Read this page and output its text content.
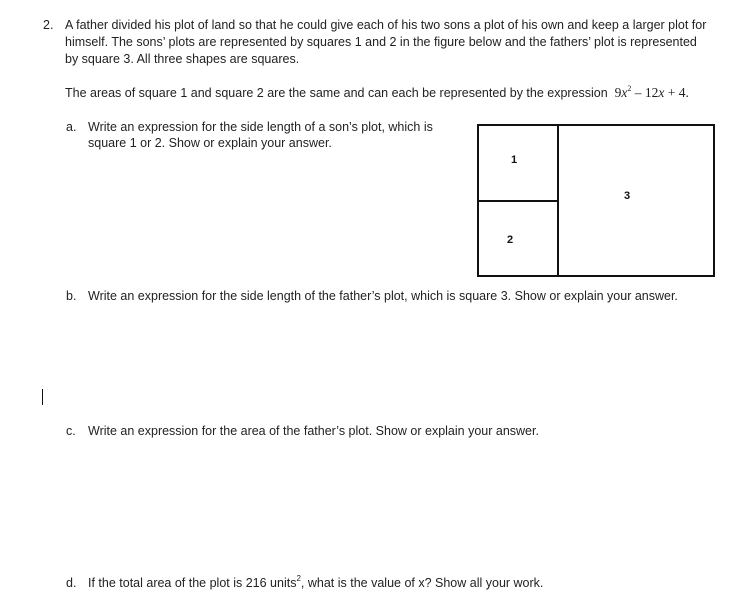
2. A father divided his plot of land so that he could give each of his two sons a plot of his own and keep a larger plot for
himself. The sons’ plots are represented by squares 1 and 2 in the figure below and the fathers’ plot is represented
by square 3. All three shapes are squares.
The areas of square 1 and square 2 are the same and can each be represented by the expression $9x^2 - 12x + 4$.
a. Write an expression for the side length of a son’s plot, which is
square 1 or 2. Show or explain your answer.
1
2
3
b. Write an expression for the side length of the father’s plot, which is square 3. Show or explain your answer.
c. Write an expression for the area of the father’s plot. Show or explain your answer.
d. If the total area of the plot is 216 units$^2$, what is the value of x? Show all your work.
